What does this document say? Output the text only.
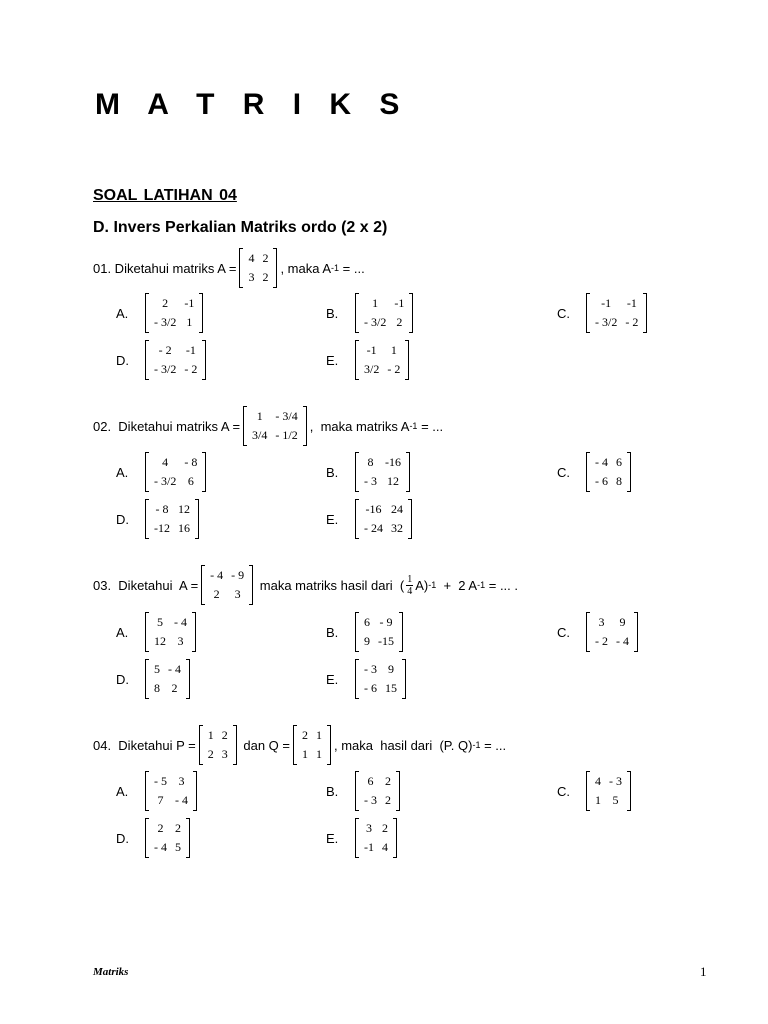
M A T R I K S
SOAL LATIHAN 04
D. Invers Perkalian Matriks ordo (2 x 2)
01. Diketahui matriks A =
4	2
3	2
, maka A -1 = ...
A.
2	-1
- 3/2	1
B.
1	-1
- 3/2	2
C.
-1	-1
- 3/2	- 2
D.
- 2	-1
- 3/2	- 2
E.
-1	1
3/2	- 2
02.  Diketahui matriks A =
1	- 3/4
3/4	- 1/2
,  maka matriks A -1 = ...
A.
4	- 8
- 3/2	6
B.
8	-16
- 3	12
C.
- 4	6
- 6	8
D.
- 8	12
-12	16
E.
-16	24
- 24	32
03.  Diketahui  A =
- 4	- 9
2	3
maka matriks hasil dari  ( $\frac{1}{4} A$) -1 +  2 A -1 = ... .
A.
5	- 4
12	3
B.
6	- 9
9	-15
C.
3	9
- 2	- 4
D.
5	- 4
8	2
E.
- 3	9
- 6	15
04.  Diketahui P =
1	2
2	3
dan Q =
2	1
1	1
, maka  hasil dari  (P. Q) -1 = ...
A.
- 5	3
7	- 4
B.
6	2
- 3	2
C.
4	- 3
1	5
D.
2	2
- 4	5
E.
3	2
-1	4
Matriks	1
